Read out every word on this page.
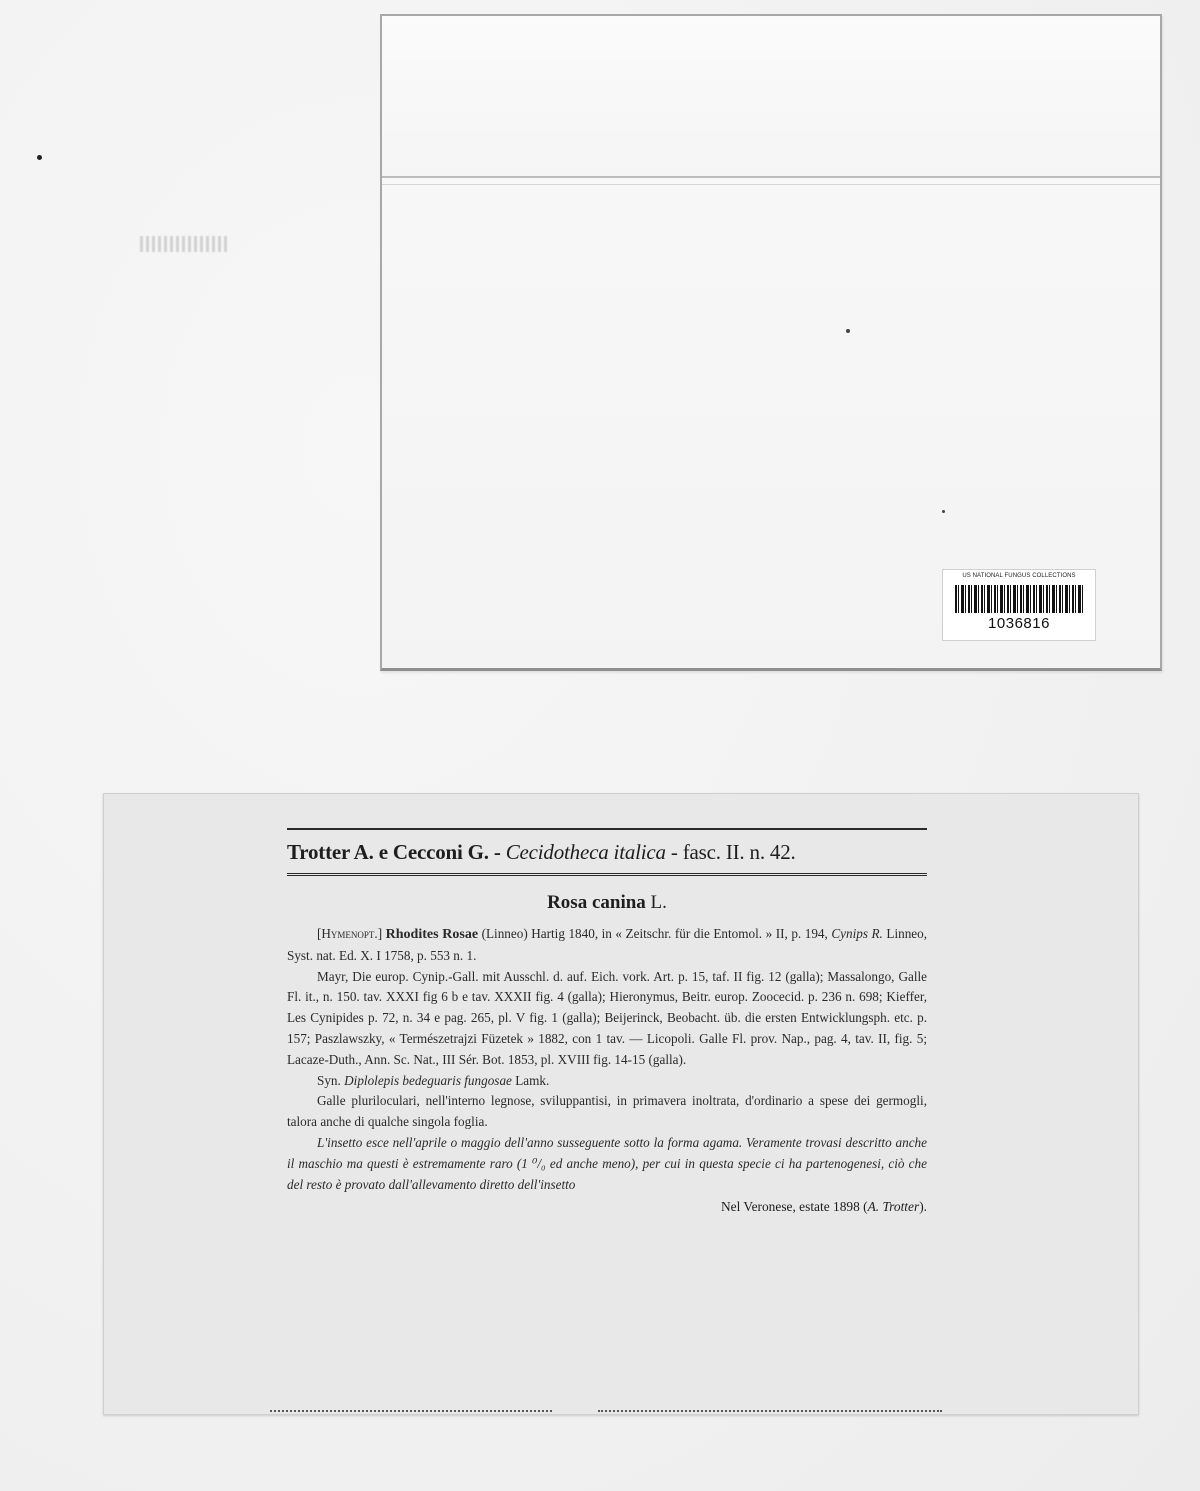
US NATIONAL FUNGUS COLLECTIONS
1036816
Trotter A. e Cecconi G. - Cecidotheca italica - fasc. II. n. 42.
Rosa canina L.

[Hymenopt.] Rhodites Rosae (Linneo) Hartig 1840, in « Zeitschr. für die Entomol. » II, p. 194, Cynips R. Linneo, Syst. nat. Ed. X. I 1758, p. 553 n. 1.

Mayr, Die europ. Cynip.-Gall. mit Ausschl. d. auf. Eich. vork. Art. p. 15, taf. II fig. 12 (galla); Massalongo, Galle Fl. it., n. 150. tav. XXXI fig 6 b e tav. XXXII fig. 4 (galla); Hieronymus, Beitr. europ. Zoocecid. p. 236 n. 698; Kieffer, Les Cynipides p. 72, n. 34 e pag. 265, pl. V fig. 1 (galla); Beijerinck, Beobacht. üb. die ersten Entwicklungsph. etc. p. 157; Paszlawszky, « Természetrajzi Füzetek » 1882, con 1 tav. — Licopoli. Galle Fl. prov. Nap., pag. 4, tav. II, fig. 5; Lacaze-Duth., Ann. Sc. Nat., III Sér. Bot. 1853, pl. XVIII fig. 14-15 (galla).

Syn. Diplolepis bedeguaris fungosae Lamk.

Galle pluriloculari, nell'interno legnose, sviluppantisi, in primavera inoltrata, d'ordinario a spese dei germogli, talora anche di qualche singola foglia.

L'insetto esce nell'aprile o maggio dell'anno susseguente sotto la forma agama. Veramente trovasi descritto anche il maschio ma questi è estremamente raro (1 ⁰/₀ ed anche meno), per cui in questa specie ci ha partenogenesi, ciò che del resto è provato dall'allevamento diretto dell'insetto

Nel Veronese, estate 1898 (A. Trotter).
